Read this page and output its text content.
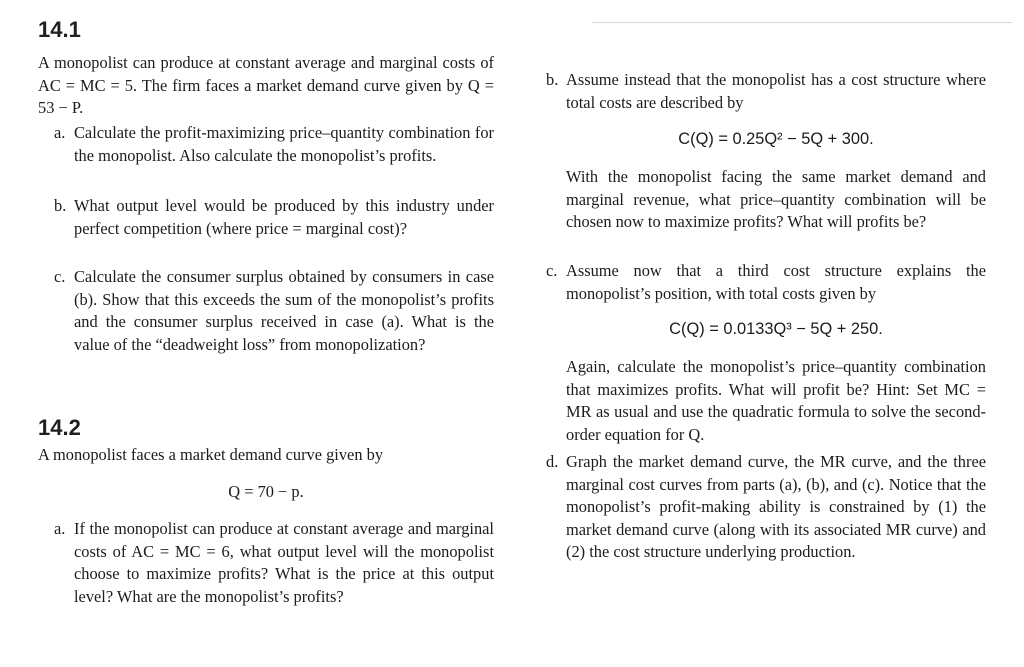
14.1

A monopolist can produce at constant average and marginal costs of AC = MC = 5. The firm faces a market demand curve given by Q = 53 − P.

a. Calculate the profit-maximizing price–quantity combination for the monopolist. Also calculate the monopolist’s profits.
b. What output level would be produced by this industry under perfect competition (where price = marginal cost)?
c. Calculate the consumer surplus obtained by consumers in case (b). Show that this exceeds the sum of the monopolist’s profits and the consumer surplus received in case (a). What is the value of the “deadweight loss” from monopolization?
14.2

A monopolist faces a market demand curve given by

Q = 70 − p.
a. If the monopolist can produce at constant average and marginal costs of AC = MC = 6, what output level will the monopolist choose to maximize profits? What is the price at this output level? What are the monopolist’s profits?
b. Assume instead that the monopolist has a cost structure where total costs are described by
C(Q) = 0.25Q² − 5Q + 300.

With the monopolist facing the same market demand and marginal revenue, what price–quantity combination will be chosen now to maximize profits? What will profits be?

c. Assume now that a third cost structure explains the monopolist’s position, with total costs given by
C(Q) = 0.0133Q³ − 5Q + 250.

Again, calculate the monopolist’s price–quantity combination that maximizes profits. What will profit be? Hint: Set MC = MR as usual and use the quadratic formula to solve the second-order equation for Q.

d. Graph the market demand curve, the MR curve, and the three marginal cost curves from parts (a), (b), and (c). Notice that the monopolist’s profit-making ability is constrained by (1) the market demand curve (along with its associated MR curve) and (2) the cost structure underlying production.
